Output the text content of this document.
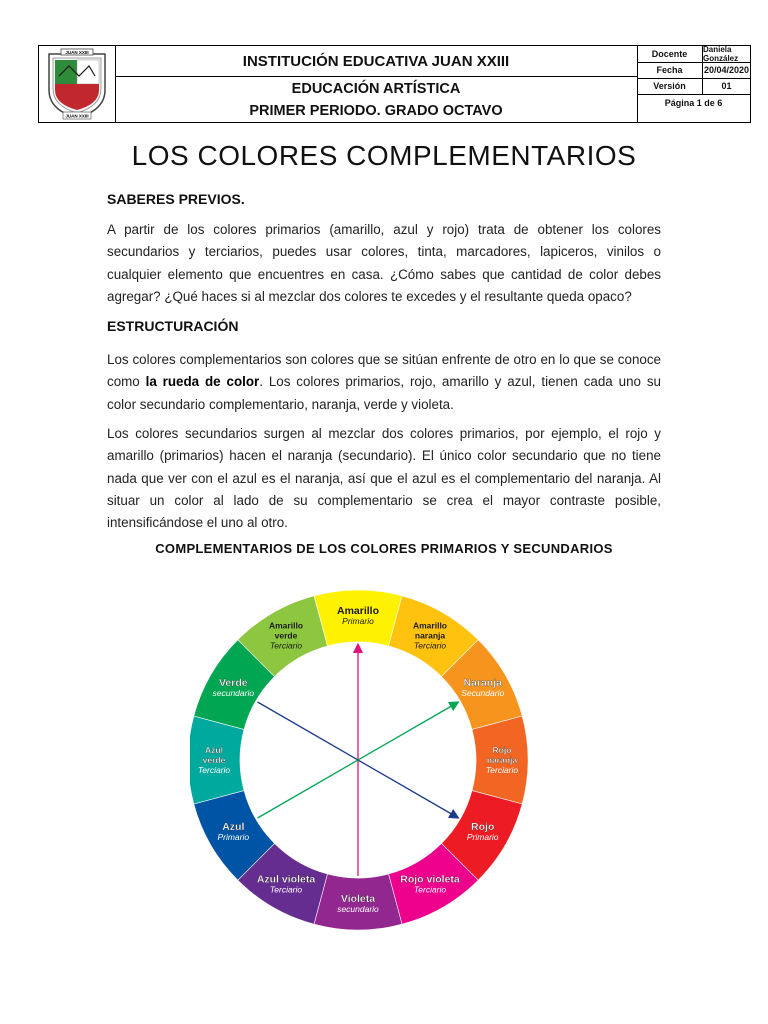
JUAN XXIII
JUAN XXIII
INSTITUCIÓN EDUCATIVA JUAN XXIII
EDUCACIÓN ARTÍSTICA
PRIMER PERIODO. GRADO OCTAVO
Docente	Daniela González
Fecha	20/04/2020
Versión	01
Página 1 de 6
LOS COLORES COMPLEMENTARIOS
SABERES PREVIOS.
A partir de los colores primarios (amarillo, azul y rojo) trata de obtener los colores secundarios y terciarios, puedes usar colores, tinta, marcadores, lapiceros, vinilos o cualquier elemento que encuentres en casa. ¿Cómo sabes que cantidad de color debes agregar? ¿Qué haces si al mezclar dos colores te excedes y el resultante queda opaco?
ESTRUCTURACIÓN
Los colores complementarios son colores que se sitúan enfrente de otro en lo que se conoce como la rueda de color. Los colores primarios, rojo, amarillo y azul, tienen cada uno su color secundario complementario, naranja, verde y violeta.
Los colores secundarios surgen al mezclar dos colores primarios, por ejemplo, el rojo y amarillo (primarios) hacen el naranja (secundario). El único color secundario que no tiene nada que ver con el azul es el naranja, así que el azul es el complementario del naranja. Al situar un color al lado de su complementario se crea el mayor contraste posible, intensificándose el uno al otro.
COMPLEMENTARIOS DE LOS COLORES PRIMARIOS Y SECUNDARIOS
Amarillo
Primario	Amarillo
naranja
Terciario
Naranja
Secundario
Rojo
naranja
Terciario
Rojo
Primario
Rojo violeta
Terciario
Violeta
secundario
Azul violeta
Terciario
Azul
Primario
Azul
verde
Terciario
Verde
secundario
Amarillo
verde
Terciario
